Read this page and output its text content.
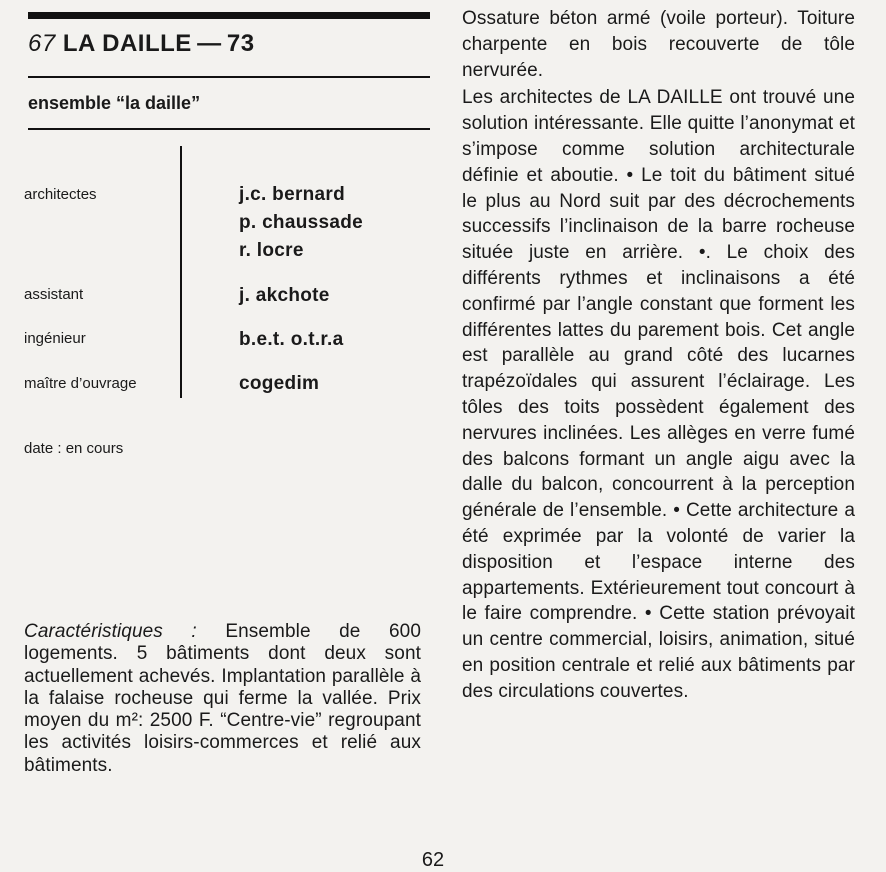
67 LA DAILLE — 73
ensemble “la daille”
architectes	j.c. bernard
p. chaussade
r. locre
assistant	j. akchote
ingénieur	b.e.t. o.t.r.a
maître d’ouvrage	cogedim
date : en cours
Caractéristiques : Ensemble de 600 logements. 5 bâtiments dont deux sont actuellement achevés. Implantation parallèle à la falaise rocheuse qui ferme la vallée. Prix moyen du m²: 2500 F. “Centre-vie” regroupant les activités loisirs-commerces et relié aux bâtiments.

Ossature béton armé (voile porteur). Toiture charpente en bois recouverte de tôle nervurée.

Les architectes de LA DAILLE ont trouvé une solution intéressante. Elle quitte l’anonymat et s’impose comme solution architecturale définie et aboutie. • Le toit du bâtiment situé le plus au Nord suit par des décrochements successifs l’inclinaison de la barre rocheuse située juste en arrière. •. Le choix des différents rythmes et inclinaisons a été confirmé par l’angle constant que forment les différentes lattes du parement bois. Cet angle est parallèle au grand côté des lucarnes trapézoïdales qui assurent l’éclairage. Les tôles des toits possèdent également des nervures inclinées. Les allèges en verre fumé des balcons formant un angle aigu avec la dalle du balcon, concourrent à la perception générale de l’ensemble. • Cette architecture a été exprimée par la volonté de varier la disposition et l’espace interne des appartements. Extérieurement tout concourt à le faire comprendre. • Cette station prévoyait un centre commercial, loisirs, animation, situé en position centrale et relié aux bâtiments par des circulations couvertes.

62
